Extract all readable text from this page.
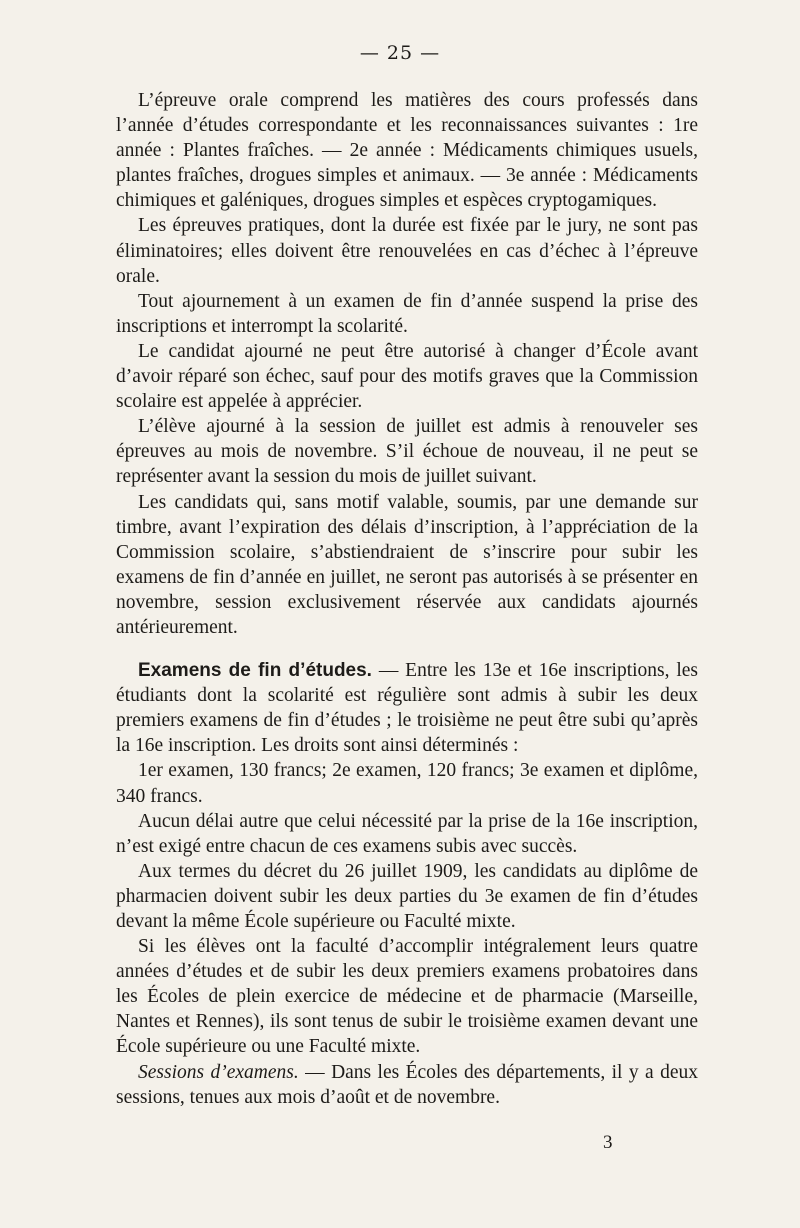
— 25 —

L’épreuve orale comprend les matières des cours professés dans l’année d’études correspondante et les reconnaissances suivantes : 1re année : Plantes fraîches. — 2e année : Médicaments chimiques usuels, plantes fraîches, drogues simples et animaux. — 3e année : Médicaments chimiques et galéniques, drogues simples et espèces cryptogamiques.

Les épreuves pratiques, dont la durée est fixée par le jury, ne sont pas éliminatoires; elles doivent être renouvelées en cas d’échec à l’épreuve orale.

Tout ajournement à un examen de fin d’année suspend la prise des inscriptions et interrompt la scolarité.

Le candidat ajourné ne peut être autorisé à changer d’École avant d’avoir réparé son échec, sauf pour des motifs graves que la Commission scolaire est appelée à apprécier.

L’élève ajourné à la session de juillet est admis à renouveler ses épreuves au mois de novembre. S’il échoue de nouveau, il ne peut se représenter avant la session du mois de juillet suivant.

Les candidats qui, sans motif valable, soumis, par une demande sur timbre, avant l’expiration des délais d’inscription, à l’appréciation de la Commission scolaire, s’abstiendraient de s’inscrire pour subir les examens de fin d’année en juillet, ne seront pas autorisés à se présenter en novembre, session exclusivement réservée aux candidats ajournés antérieurement.

Examens de fin d’études. — Entre les 13e et 16e inscriptions, les étudiants dont la scolarité est régulière sont admis à subir les deux premiers examens de fin d’études ; le troisième ne peut être subi qu’après la 16e inscription. Les droits sont ainsi déterminés :

1er examen, 130 francs; 2e examen, 120 francs; 3e examen et diplôme, 340 francs.

Aucun délai autre que celui nécessité par la prise de la 16e inscription, n’est exigé entre chacun de ces examens subis avec succès.

Aux termes du décret du 26 juillet 1909, les candidats au diplôme de pharmacien doivent subir les deux parties du 3e examen de fin d’études devant la même École supérieure ou Faculté mixte.

Si les élèves ont la faculté d’accomplir intégralement leurs quatre années d’études et de subir les deux premiers examens probatoires dans les Écoles de plein exercice de médecine et de pharmacie (Marseille, Nantes et Rennes), ils sont tenus de subir le troisième examen devant une École supérieure ou une Faculté mixte.

Sessions d’examens. — Dans les Écoles des départements, il y a deux sessions, tenues aux mois d’août et de novembre.

3
